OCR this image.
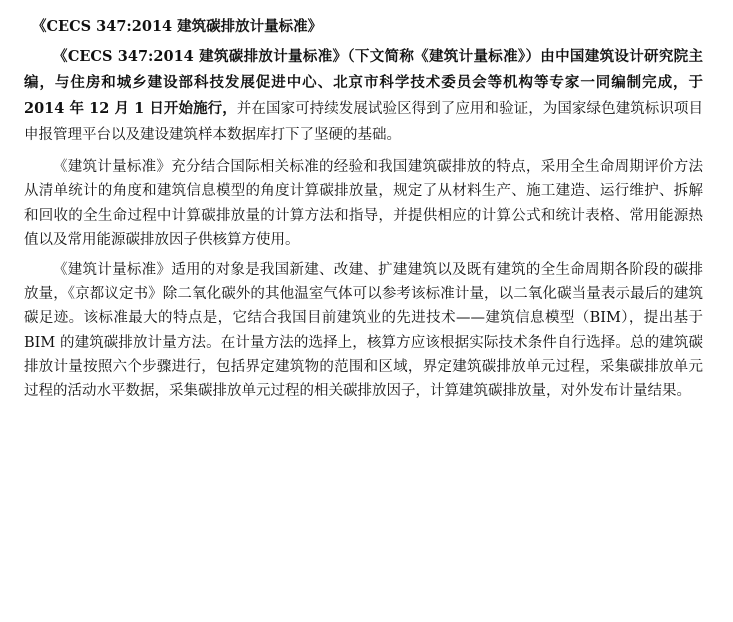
《CECS 347:2014 建筑碳排放计量标准》

《CECS 347:2014 建筑碳排放计量标准》（下文简称《建筑计量标准》）由中国建筑设计研究院主编，与住房和城乡建设部科技发展促进中心、北京市科学技术委员会等机构等专家一同编制完成，于 2014 年 12 月 1 日开始施行，并在国家可持续发展试验区得到了应用和验证，为国家绿色建筑标识项目申报管理平台以及建设建筑样本数据库打下了坚硬的基础。

《建筑计量标准》充分结合国际相关标准的经验和我国建筑碳排放的特点，采用全生命周期评价方法从清单统计的角度和建筑信息模型的角度计算碳排放量，规定了从材料生产、施工建造、运行维护、拆解和回收的全生命过程中计算碳排放量的计算方法和指导，并提供相应的计算公式和统计表格、常用能源热值以及常用能源碳排放因子供核算方使用。

《建筑计量标准》适用的对象是我国新建、改建、扩建建筑以及既有建筑的全生命周期各阶段的碳排放量，《京都议定书》除二氧化碳外的其他温室气体可以参考该标准计量，以二氧化碳当量表示最后的建筑碳足迹。该标准最大的特点是，它结合我国目前建筑业的先进技术——建筑信息模型（BIM），提出基于 BIM 的建筑碳排放计量方法。在计量方法的选择上，核算方应该根据实际技术条件自行选择。总的建筑碳排放计量按照六个步骤进行，包括界定建筑物的范围和区域，界定建筑碳排放单元过程，采集碳排放单元过程的活动水平数据，采集碳排放单元过程的相关碳排放因子，计算建筑碳排放量，对外发布计量结果。
